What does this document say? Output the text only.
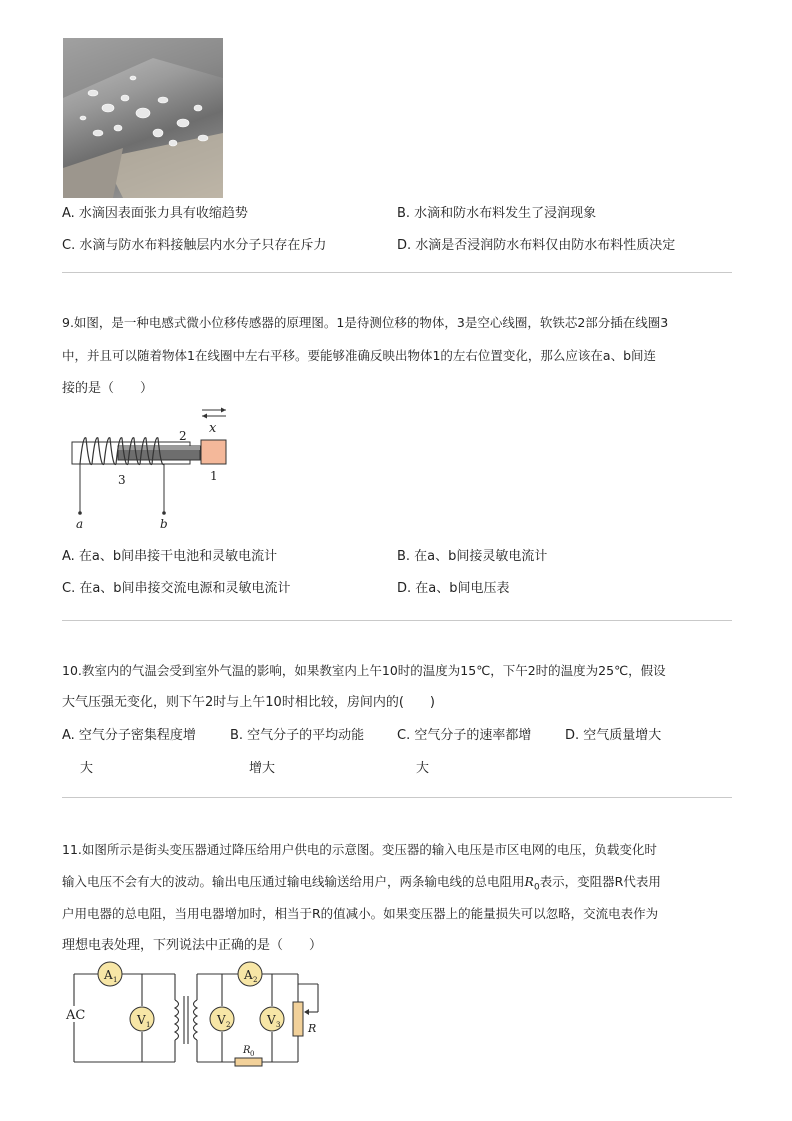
A. 水滴因表面张力具有收缩趋势	B. 水滴和防水布料发生了浸润现象
C. 水滴与防水布料接触层内水分子只存在斥力	D. 水滴是否浸润防水布料仅由防水布料性质决定
9.如图，是一种电感式微小位移传感器的原理图。1是待测位移的物体，3是空心线圈，软铁芯2部分插在线圈3
中，并且可以随着物体1在线圈中左右平移。要能够准确反映出物体1的左右位置变化，那么应该在a、b间连
接的是（　　）
x
2
1
3
a	b
A. 在a、b间串接干电池和灵敏电流计	B. 在a、b间接灵敏电流计
C. 在a、b间串接交流电源和灵敏电流计	D. 在a、b间电压表
10.教室内的气温会受到室外气温的影响，如果教室内上午10时的温度为15℃，下午2时的温度为25℃，假设
大气压强无变化，则下午2时与上午10时相比较，房间内的(　　)
A. 空气分子密集程度增
大
B. 空气分子的平均动能
增大
C. 空气分子的速率都增
大
D. 空气质量增大
11.如图所示是街头变压器通过降压给用户供电的示意图。变压器的输入电压是市区电网的电压，负载变化时
输入电压不会有大的波动。输出电压通过输电线输送给用户，两条输电线的总电阻用$R_0$表示，变阻器R代表用
户用电器的总电阻，当用电器增加时，相当于R的值减小。如果变压器上的能量损失可以忽略，交流电表作为
理想电表处理，下列说法中正确的是（　　）
AC
A 1	A 2
V 1	V 2	V 3	R
R 0
